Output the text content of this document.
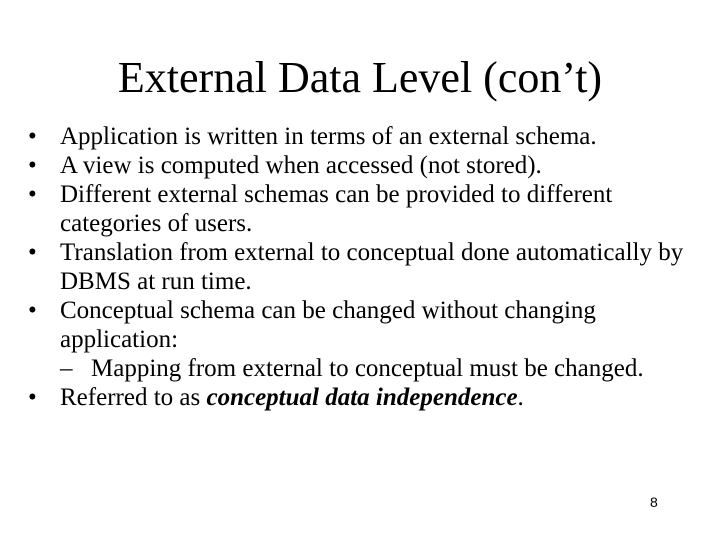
External Data Level (con’t)
• Application is written in terms of an external schema.
• A view is computed when accessed (not stored).
• Different external schemas can be provided to different categories of users.
• Translation from external to conceptual done automatically by DBMS at run time.
• Conceptual schema can be changed without changing application:
– Mapping from external to conceptual must be changed.
• Referred to as conceptual data independence.
8
